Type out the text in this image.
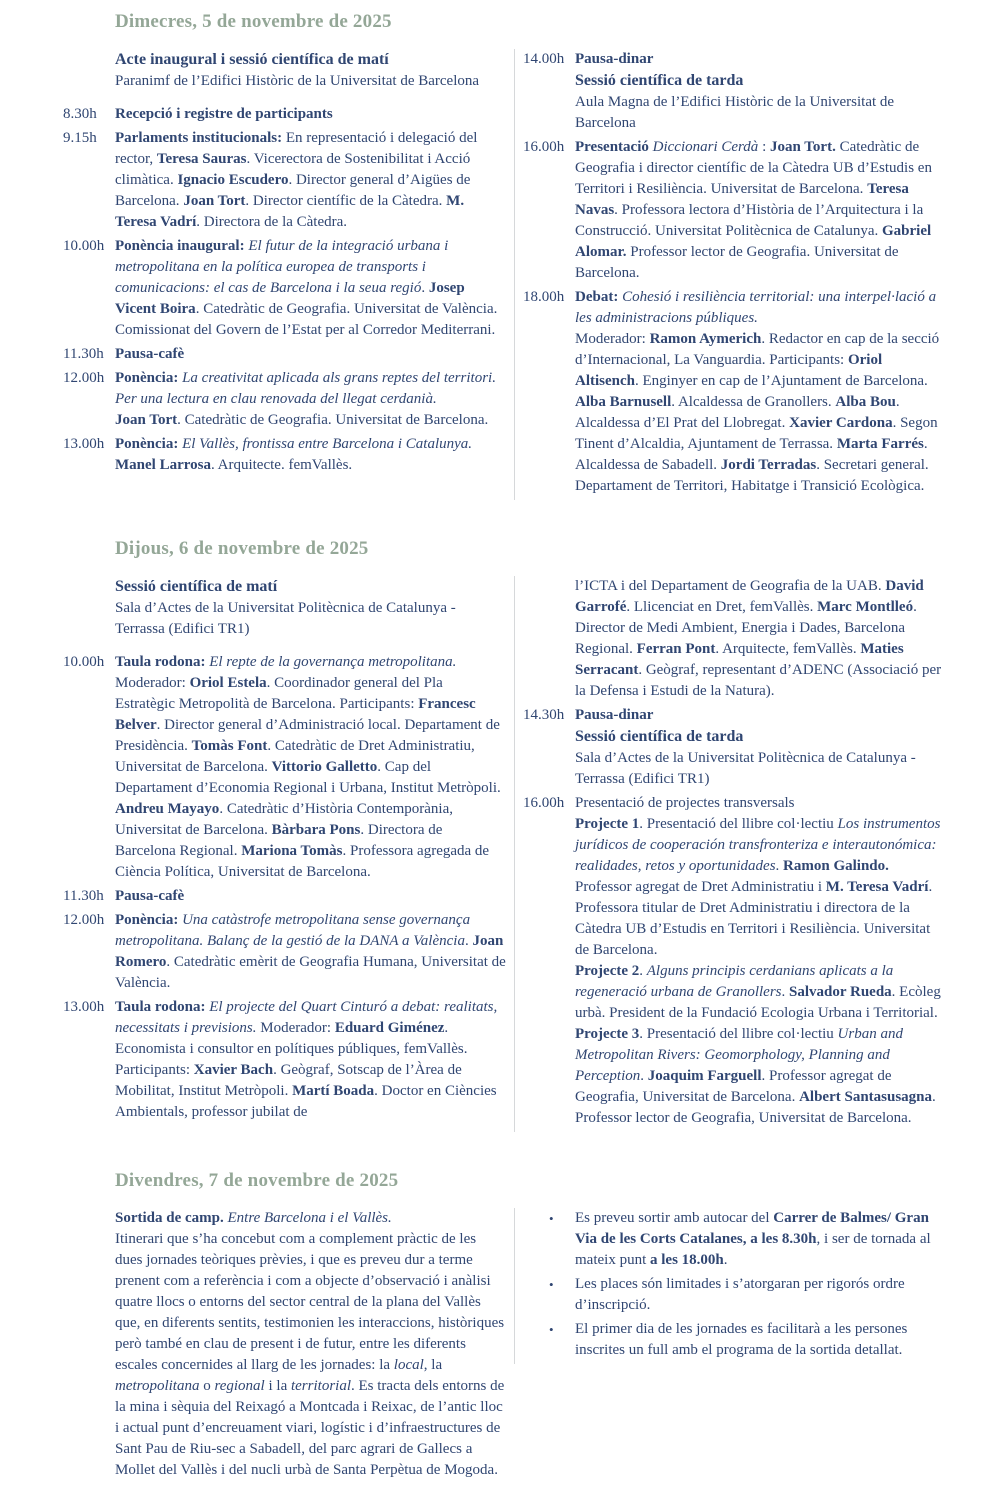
Dimecres, 5 de novembre de 2025
Acte inaugural i sessió científica de matí
Paranimf de l’Edifici Històric de la Universitat de Barcelona
8.30h	Recepció i registre de participants
9.15h	Parlaments institucionals: En representació i delegació del rector, Teresa Sauras. Vicerectora de Sostenibilitat i Acció climàtica. Ignacio Escudero. Director general d’Aigües de Barcelona. Joan Tort. Director científic de la Càtedra. M. Teresa Vadrí. Directora de la Càtedra.
10.00h Ponència inaugural: El futur de la integració urbana i metropolitana en la política europea de transports i comunicacions: el cas de Barcelona i la seua regió. Josep Vicent Boira. Catedràtic de Geografia. Universitat de València. Comissionat del Govern de l’Estat per al Corredor Mediterrani.
11.30h Pausa-cafè
12.00h Ponència: La creativitat aplicada als grans reptes del territori. Per una lectura en clau renovada del llegat cerdanià.
Joan Tort. Catedràtic de Geografia. Universitat de Barcelona.
13.00h Ponència: El Vallès, frontissa entre Barcelona i Catalunya.
Manel Larrosa. Arquitecte. femVallès.
14.00h Pausa-dinar
Sessió científica de tarda
Aula Magna de l’Edifici Històric de la Universitat de Barcelona
16.00h Presentació Diccionari Cerdà : Joan Tort. Catedràtic de Geografia i director científic de la Càtedra UB d’Estudis en Territori i Resiliència. Universitat de Barcelona. Teresa Navas. Professora lectora d’Història de l’Arquitectura i la Construcció. Universitat Politècnica de Catalunya. Gabriel Alomar. Professor lector de Geografia. Universitat de Barcelona.
18.00h Debat: Cohesió i resiliència territorial: una interpel·lació a les administracions públiques.
Moderador: Ramon Aymerich. Redactor en cap de la secció d’Internacional, La Vanguardia. Participants: Oriol Altisench. Enginyer en cap de l’Ajuntament de Barcelona. Alba Barnusell. Alcaldessa de Granollers. Alba Bou. Alcaldessa d’El Prat del Llobregat. Xavier Cardona. Segon Tinent d’Alcaldia, Ajuntament de Terrassa. Marta Farrés. Alcaldessa de Sabadell. Jordi Terradas. Secretari general. Departament de Territori, Habitatge i Transició Ecològica.
Dijous, 6 de novembre de 2025
Sessió científica de matí
Sala d’Actes de la Universitat Politècnica de Catalunya - Terrassa (Edifici TR1)
10.00h Taula rodona: El repte de la governança metropolitana. Moderador: Oriol Estela. Coordinador general del Pla Estratègic Metropolità de Barcelona. Participants: Francesc Belver. Director general d’Administració local. Departament de Presidència. Tomàs Font. Catedràtic de Dret Administratiu, Universitat de Barcelona. Vittorio Galletto. Cap del Departament d’Economia Regional i Urbana, Institut Metròpoli. Andreu Mayayo. Catedràtic d’Història Contemporània, Universitat de Barcelona. Bàrbara Pons. Directora de Barcelona Regional. Mariona Tomàs. Professora agregada de Ciència Política, Universitat de Barcelona.
11.30h Pausa-cafè
12.00h Ponència: Una catàstrofe metropolitana sense governança metropolitana. Balanç de la gestió de la DANA a València. Joan Romero. Catedràtic emèrit de Geografia Humana, Universitat de València.
13.00h Taula rodona: El projecte del Quart Cinturó a debat: realitats, necessitats i previsions. Moderador: Eduard Giménez. Economista i consultor en polítiques públiques, femVallès. Participants: Xavier Bach. Geògraf, Sotscap de l’Àrea de Mobilitat, Institut Metròpoli. Martí Boada. Doctor en Ciències Ambientals, professor jubilat de
l’ICTA i del Departament de Geografia de la UAB. David Garrofé. Llicenciat en Dret, femVallès. Marc Montlleó. Director de Medi Ambient, Energia i Dades, Barcelona Regional. Ferran Pont. Arquitecte, femVallès. Maties Serracant. Geògraf, representant d’ADENC (Associació per la Defensa i Estudi de la Natura).
14.30h Pausa-dinar
Sessió científica de tarda
Sala d’Actes de la Universitat Politècnica de Catalunya - Terrassa (Edifici TR1)
16.00h Presentació de projectes transversals
Projecte 1. Presentació del llibre col·lectiu Los instrumentos jurídicos de cooperación transfronteriza e interautonómica: realidades, retos y oportunidades. Ramon Galindo. Professor agregat de Dret Administratiu i M. Teresa Vadrí. Professora titular de Dret Administratiu i directora de la Càtedra UB d’Estudis en Territori i Resiliència. Universitat de Barcelona.
Projecte 2. Alguns principis cerdanians aplicats a la regeneració urbana de Granollers. Salvador Rueda. Ecòleg urbà. President de la Fundació Ecologia Urbana i Territorial.
Projecte 3. Presentació del llibre col·lectiu Urban and Metropolitan Rivers: Geomorphology, Planning and Perception. Joaquim Farguell. Professor agregat de Geografia, Universitat de Barcelona. Albert Santasusagna. Professor lector de Geografia, Universitat de Barcelona.
Divendres, 7 de novembre de 2025
Sortida de camp. Entre Barcelona i el Vallès.
Itinerari que s’ha concebut com a complement pràctic de les dues jornades teòriques prèvies, i que es preveu dur a terme prenent com a referència i com a objecte d’observació i anàlisi quatre llocs o entorns del sector central de la plana del Vallès que, en diferents sentits, testimonien les interaccions, històriques però també en clau de present i de futur, entre les diferents escales concernides al llarg de les jornades: la local, la metropolitana o regional i la territorial. Es tracta dels entorns de la mina i sèquia del Reixagó a Montcada i Reixac, de l’antic lloc i actual punt d’encreuament viari, logístic i d’infraestructures de Sant Pau de Riu-sec a Sabadell, del parc agrari de Gallecs a Mollet del Vallès i del nucli urbà de Santa Perpètua de Mogoda.
•	Es preveu sortir amb autocar del Carrer de Balmes/ Gran Via de les Corts Catalanes, a les 8.30h, i ser de tornada al mateix punt a les 18.00h.
•	Les places són limitades i s’atorgaran per rigorós ordre d’inscripció.
•	El primer dia de les jornades es facilitarà a les persones inscrites un full amb el programa de la sortida detallat.
